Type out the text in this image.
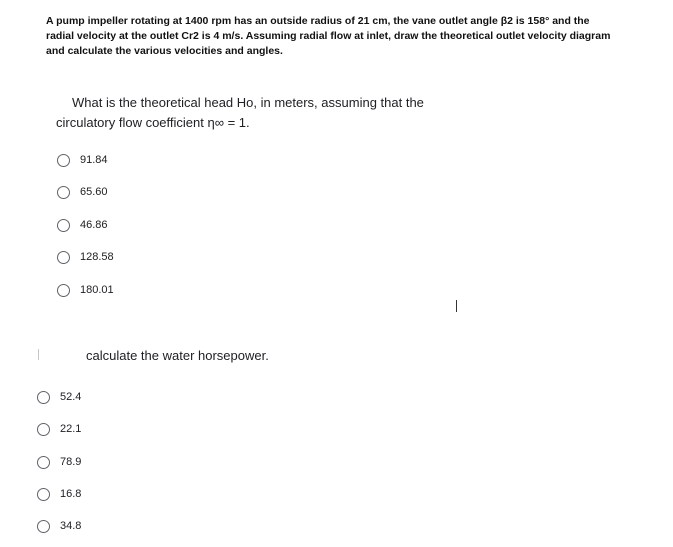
A pump impeller rotating at 1400 rpm has an outside radius of 21 cm, the vane outlet angle β2 is 158° and the radial velocity at the outlet Cr2 is 4 m/s. Assuming radial flow at inlet, draw the theoretical outlet velocity diagram and calculate the various velocities and angles.
What is the theoretical head Ho, in meters, assuming that the
circulatory flow coefficient η∞ = 1.
91.84
65.60
46.86
128.58
180.01
calculate the water horsepower.
52.4
22.1
78.9
16.8
34.8
